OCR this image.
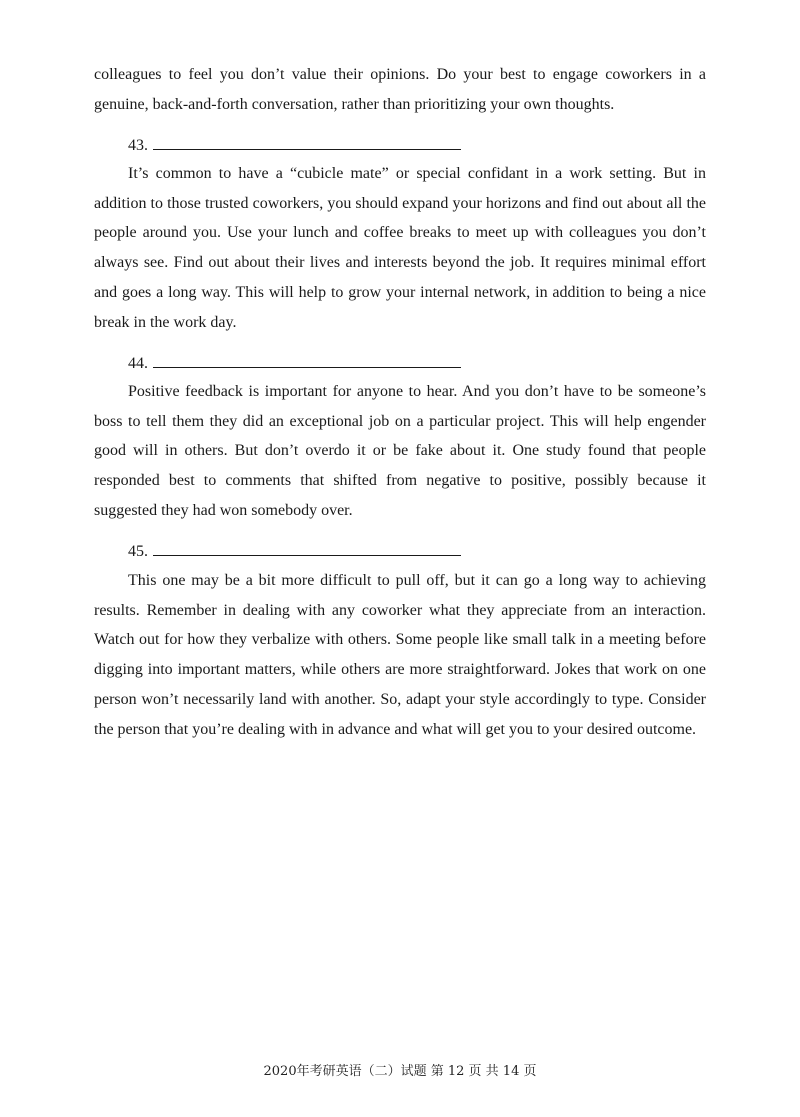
colleagues to feel you don’t value their opinions. Do your best to engage coworkers in a genuine, back-and-forth conversation, rather than prioritizing your own thoughts.

43.

It’s common to have a “cubicle mate” or special confidant in a work setting. But in addition to those trusted coworkers, you should expand your horizons and find out about all the people around you. Use your lunch and coffee breaks to meet up with colleagues you don’t always see. Find out about their lives and interests beyond the job. It requires minimal effort and goes a long way. This will help to grow your internal network, in addition to being a nice break in the work day.

44.

Positive feedback is important for anyone to hear. And you don’t have to be someone’s boss to tell them they did an exceptional job on a particular project. This will help engender good will in others. But don’t overdo it or be fake about it. One study found that people responded best to comments that shifted from negative to positive, possibly because it suggested they had won somebody over.

45.

This one may be a bit more difficult to pull off, but it can go a long way to achieving results. Remember in dealing with any coworker what they appreciate from an interaction. Watch out for how they verbalize with others. Some people like small talk in a meeting before digging into important matters, while others are more straightforward. Jokes that work on one person won’t necessarily land with another. So, adapt your style accordingly to type. Consider the person that you’re dealing with in advance and what will get you to your desired outcome.

2020年考研英语（二）试题 第 12 页 共 14 页
